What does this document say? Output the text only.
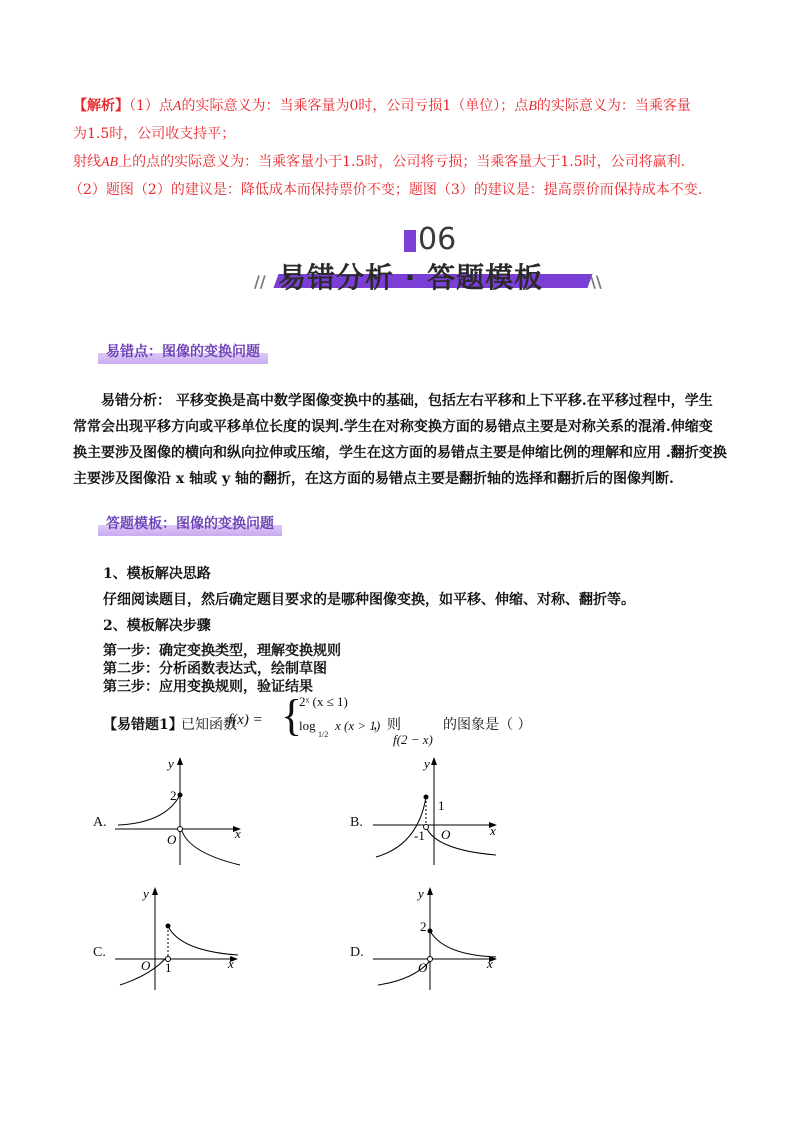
【解析】（1）点A的实际意义为：当乘客量为0时，公司亏损1（单位）；点B的实际意义为：当乘客量
为1.5时，公司收支持平；
射线AB上的点的实际意义为：当乘客量小于1.5时，公司将亏损；当乘客量大于1.5时，公司将赢利.
（2）题图（2）的建议是：降低成本而保持票价不变；题图（3）的建议是：提高票价而保持成本不变.
06
易错分析 · 答题模板
//	\\
易错点：图像的变换问题
易错分析： 平移变换是高中数学图像变换中的基础，包括左右平移和上下平移.在平移过程中，学生
常常会出现平移方向或平移单位长度的误判.学生在对称变换方面的易错点主要是对称关系的混淆.伸缩变
换主要涉及图像的横向和纵向拉伸或压缩，学生在这方面的易错点主要是伸缩比例的理解和应用 .翻折变换
主要涉及图像沿 x 轴或 y 轴的翻折，在这方面的易错点主要是翻折轴的选择和翻折后的图像判断.
答题模板：图像的变换问题
1、模板解决思路
仔细阅读题目，然后确定题目要求的是哪种图像变换，如平移、伸缩、对称、翻折等。
2、模板解决步骤
第一步：确定变换类型，理解变换规则
第二步：分析函数表达式，绘制草图
第三步：应用变换规则，验证结果
【易错题1】
已知函数
f(x) = {
2ˣ (x ≤ 1)
log
1/2
x (x > 1)
，则
f(2 − x)
的图象是（ ）
A.
y
x
O
2
B.
y
x
O
1
-1
C.
y
x
O 1
D.
y
x
O
2
